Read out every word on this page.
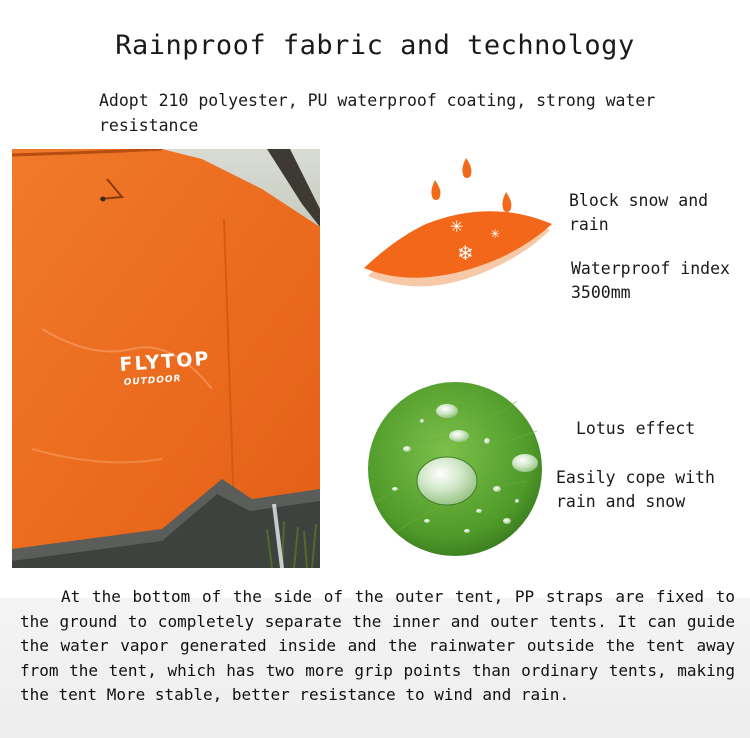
Rainproof fabric and technology
Adopt 210 polyester, PU waterproof coating, strong water resistance
FLYTOP
OUTDOOR
✳ ✳
❄
Block snow and rain
Waterproof index 3500mm
Lotus effect
Easily cope with rain and snow
At the bottom of the side of the outer tent, PP straps are fixed to the ground to completely separate the inner and outer tents. It can guide the water vapor generated inside and the rainwater outside the tent away from the tent, which has two more grip points than ordinary tents, making the tent More stable, better resistance to wind and rain.
